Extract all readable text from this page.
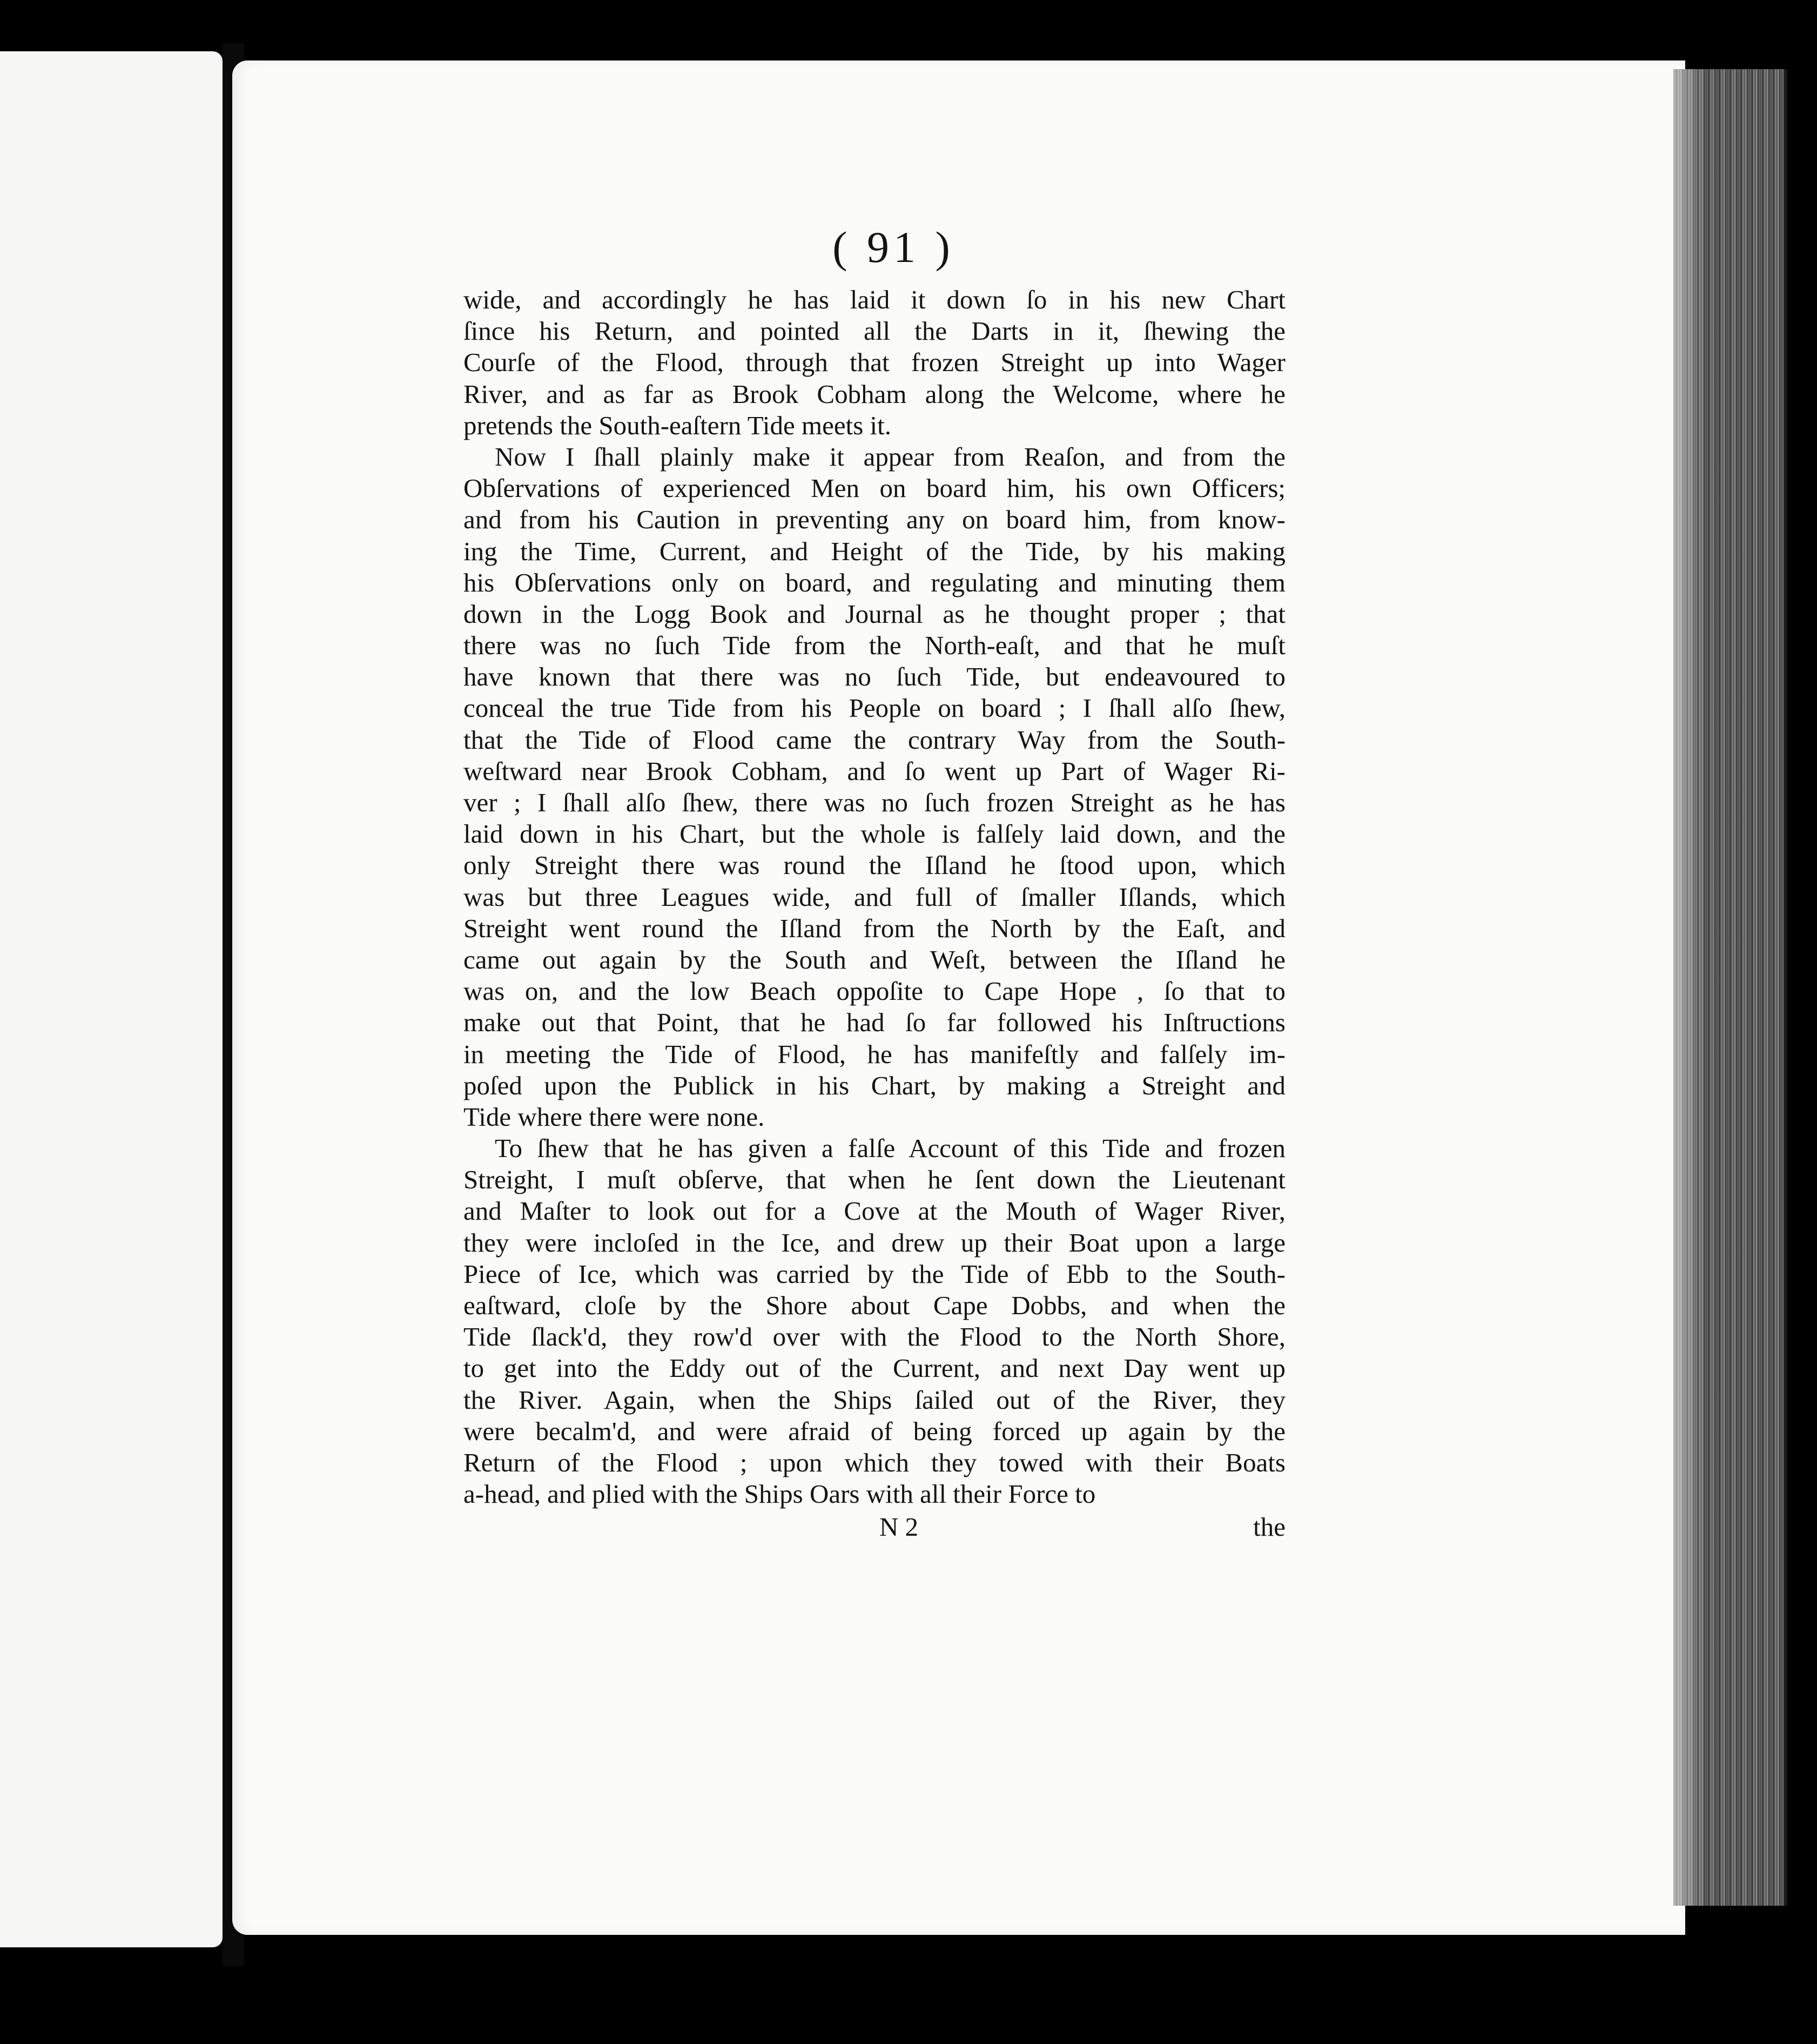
( 91 )
wide, and accordingly he has laid it down ſo in his new Chart
ſince his Return, and pointed all the Darts in it, ſhewing the
Courſe of the Flood, through that frozen Streight up into Wager
River, and as far as Brook Cobham along the Welcome, where he
pretends the South-eaſtern Tide meets it.
Now I ſhall plainly make it appear from Reaſon, and from the
Obſervations of experienced Men on board him, his own Officers;
and from his Caution in preventing any on board him, from know-
ing the Time, Current, and Height of the Tide, by his making
his Obſervations only on board, and regulating and minuting them
down in the Logg Book and Journal as he thought proper ; that
there was no ſuch Tide from the North-eaſt, and that he muſt
have known that there was no ſuch Tide, but endeavoured to
conceal the true Tide from his People on board ; I ſhall alſo ſhew,
that the Tide of Flood came the contrary Way from the South-
weſtward near Brook Cobham, and ſo went up Part of Wager Ri-
ver ; I ſhall alſo ſhew, there was no ſuch frozen Streight as he has
laid down in his Chart, but the whole is falſely laid down, and the
only Streight there was round the Iſland he ſtood upon, which
was but three Leagues wide, and full of ſmaller Iſlands, which
Streight went round the Iſland from the North by the Eaſt, and
came out again by the South and Weſt, between the Iſland he
was on, and the low Beach oppoſite to Cape Hope , ſo that to
make out that Point, that he had ſo far followed his Inſtructions
in meeting the Tide of Flood, he has manifeſtly and falſely im-
poſed upon the Publick in his Chart, by making a Streight and
Tide where there were none.
To ſhew that he has given a falſe Account of this Tide and frozen
Streight, I muſt obſerve, that when he ſent down the Lieutenant
and Maſter to look out for a Cove at the Mouth of Wager River,
they were incloſed in the Ice, and drew up their Boat upon a large
Piece of Ice, which was carried by the Tide of Ebb to the South-
eaſtward, cloſe by the Shore about Cape Dobbs, and when the
Tide ſlack'd, they row'd over with the Flood to the North Shore,
to get into the Eddy out of the Current, and next Day went up
the River. Again, when the Ships ſailed out of the River, they
were becalm'd, and were afraid of being forced up again by the
Return of the Flood ; upon which they towed with their Boats
a-head, and plied with the Ships Oars with all their Force to
N 2	the
